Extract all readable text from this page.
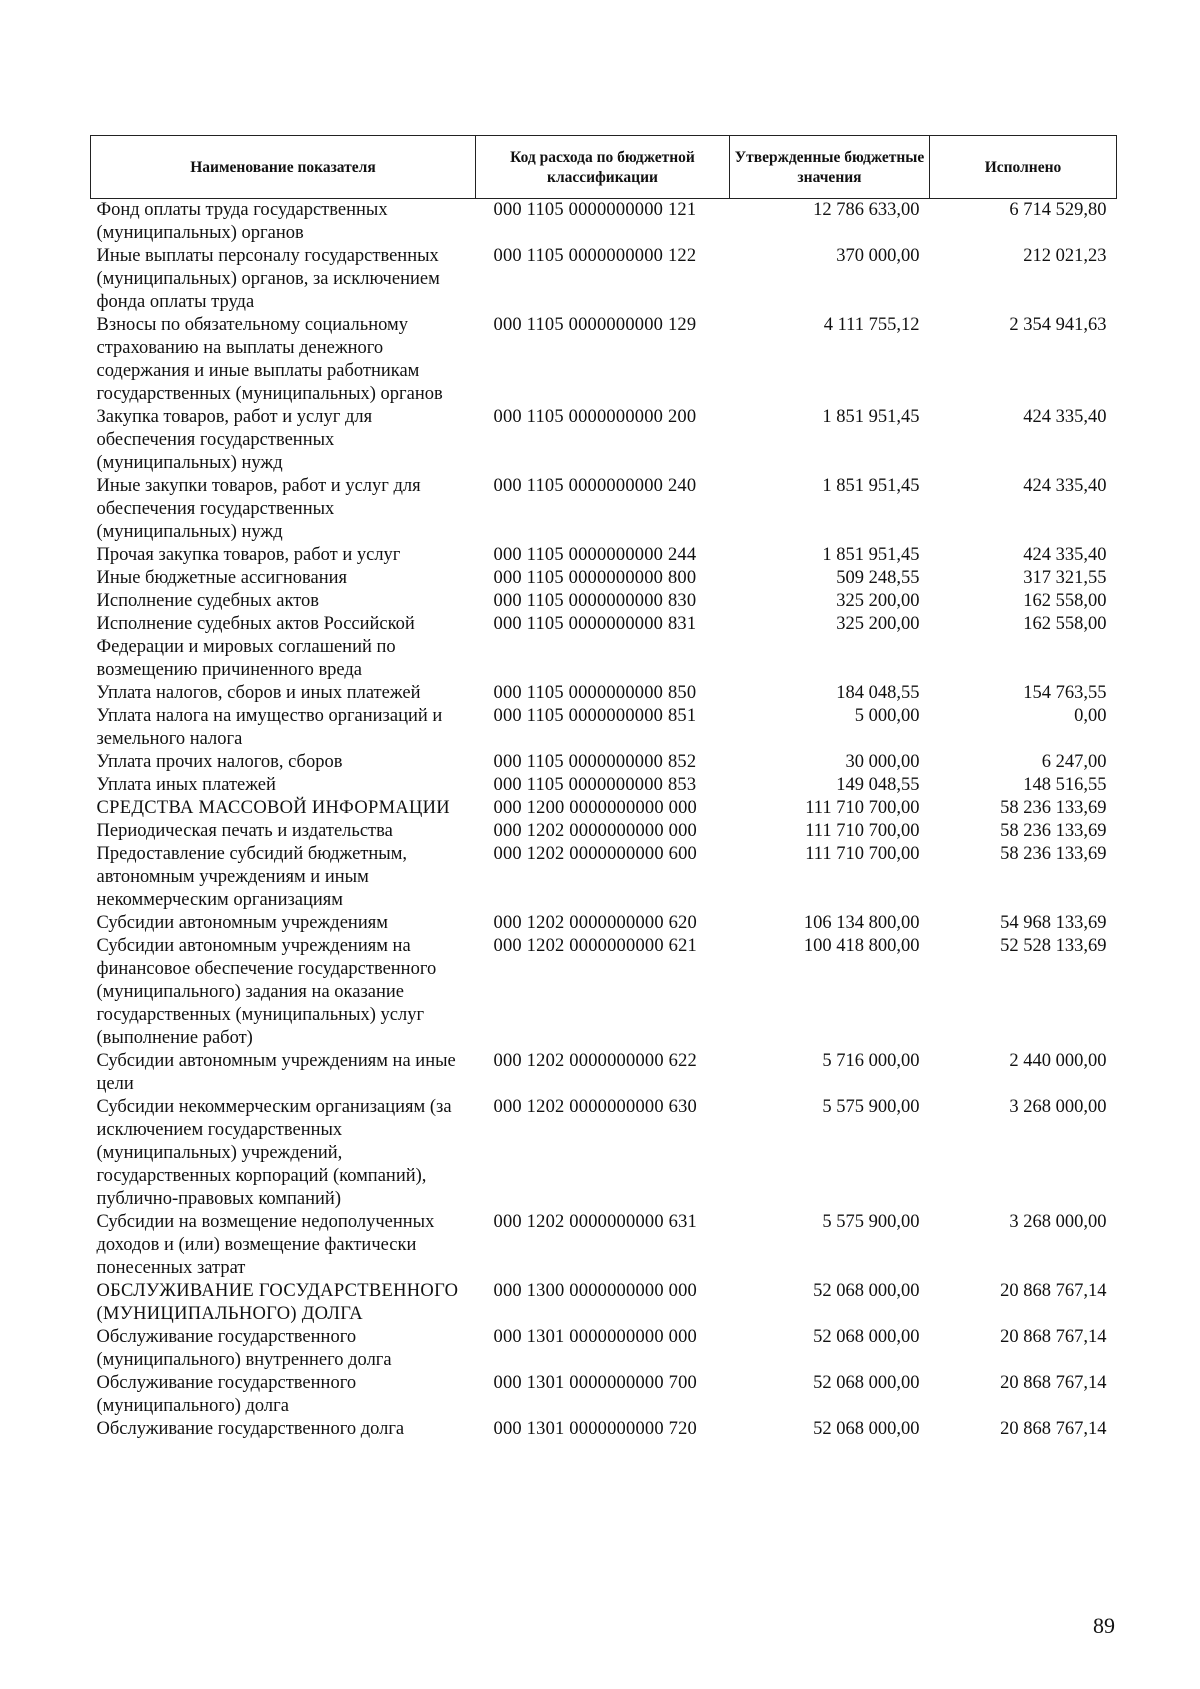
Наименование показателя	Код расхода по бюджетной классификации	Утвержденные бюджетные значения	Исполнено
Фонд оплаты труда государственных (муниципальных) органов	000 1105 0000000000 121	12 786 633,00	6 714 529,80
Иные выплаты персоналу государственных (муниципальных) органов, за исключением фонда оплаты труда	000 1105 0000000000 122	370 000,00	212 021,23
Взносы по обязательному социальному страхованию на выплаты денежного содержания и иные выплаты работникам государственных (муниципальных) органов	000 1105 0000000000 129	4 111 755,12	2 354 941,63
Закупка товаров, работ и услуг для обеспечения государственных (муниципальных) нужд	000 1105 0000000000 200	1 851 951,45	424 335,40
Иные закупки товаров, работ и услуг для обеспечения государственных (муниципальных) нужд	000 1105 0000000000 240	1 851 951,45	424 335,40
Прочая закупка товаров, работ и услуг	000 1105 0000000000 244	1 851 951,45	424 335,40
Иные бюджетные ассигнования	000 1105 0000000000 800	509 248,55	317 321,55
Исполнение судебных актов	000 1105 0000000000 830	325 200,00	162 558,00
Исполнение судебных актов Российской Федерации и мировых соглашений по возмещению причиненного вреда	000 1105 0000000000 831	325 200,00	162 558,00
Уплата налогов, сборов и иных платежей	000 1105 0000000000 850	184 048,55	154 763,55
Уплата налога на имущество организаций и земельного налога	000 1105 0000000000 851	5 000,00	0,00
Уплата прочих налогов, сборов	000 1105 0000000000 852	30 000,00	6 247,00
Уплата иных платежей	000 1105 0000000000 853	149 048,55	148 516,55
СРЕДСТВА МАССОВОЙ ИНФОРМАЦИИ	000 1200 0000000000 000	111 710 700,00	58 236 133,69
Периодическая печать и издательства	000 1202 0000000000 000	111 710 700,00	58 236 133,69
Предоставление субсидий бюджетным, автономным учреждениям и иным некоммерческим организациям	000 1202 0000000000 600	111 710 700,00	58 236 133,69
Субсидии автономным учреждениям	000 1202 0000000000 620	106 134 800,00	54 968 133,69
Субсидии автономным учреждениям на финансовое обеспечение государственного (муниципального) задания на оказание государственных (муниципальных) услуг (выполнение работ)	000 1202 0000000000 621	100 418 800,00	52 528 133,69
Субсидии автономным учреждениям на иные цели	000 1202 0000000000 622	5 716 000,00	2 440 000,00
Субсидии некоммерческим организациям (за исключением государственных (муниципальных) учреждений, государственных корпораций (компаний), публично-правовых компаний)	000 1202 0000000000 630	5 575 900,00	3 268 000,00
Субсидии на возмещение недополученных доходов и (или) возмещение фактически понесенных затрат	000 1202 0000000000 631	5 575 900,00	3 268 000,00
ОБСЛУЖИВАНИЕ ГОСУДАРСТВЕННОГО (МУНИЦИПАЛЬНОГО) ДОЛГА	000 1300 0000000000 000	52 068 000,00	20 868 767,14
Обслуживание государственного (муниципального) внутреннего долга	000 1301 0000000000 000	52 068 000,00	20 868 767,14
Обслуживание государственного (муниципального) долга	000 1301 0000000000 700	52 068 000,00	20 868 767,14
Обслуживание государственного долга	000 1301 0000000000 720	52 068 000,00	20 868 767,14
89
